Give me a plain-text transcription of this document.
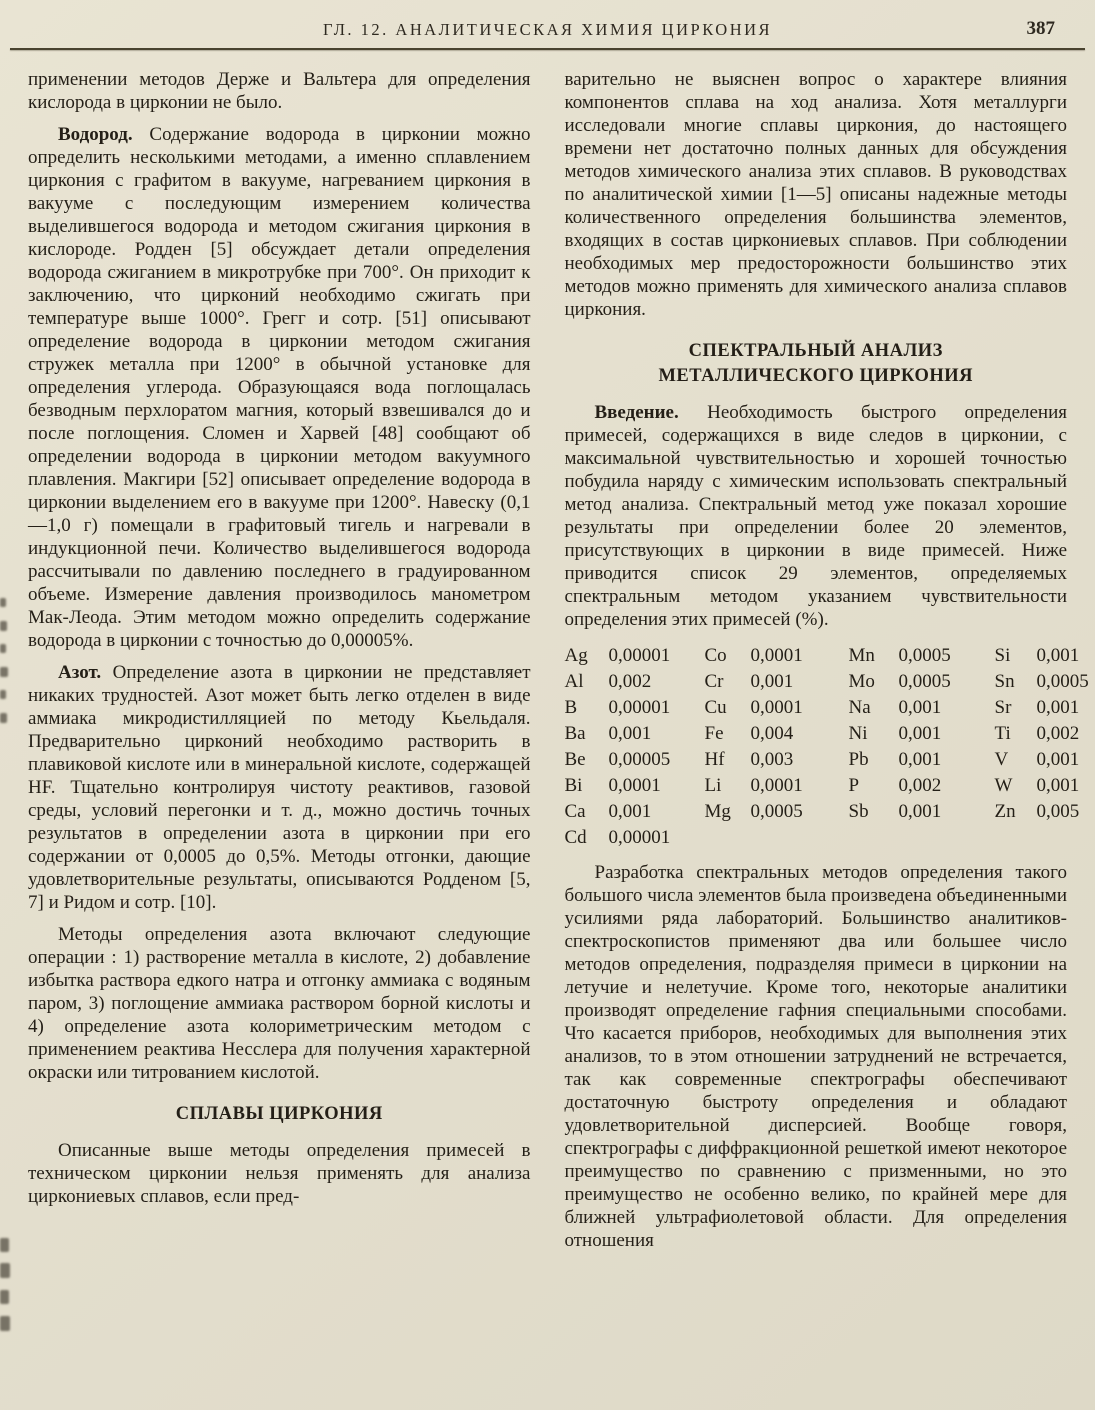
ГЛ. 12. АНАЛИТИЧЕСКАЯ ХИМИЯ ЦИРКОНИЯ	387

применении методов Держе и Вальтера для определения кислорода в цирконии не было.

Водород. Содержание водорода в цирконии можно определить несколькими методами, а именно сплавлением циркония с графитом в вакууме, нагреванием циркония в вакууме с последующим измерением количества выделившегося водорода и методом сжигания циркония в кислороде. Родден [5] обсуждает детали определения водорода сжиганием в микротрубке при 700°. Он приходит к заключению, что цирконий необходимо сжигать при температуре выше 1000°. Грегг и сотр. [51] описывают определение водорода в цирконии методом сжигания стружек металла при 1200° в обычной установке для определения углерода. Образующаяся вода поглощалась безводным перхлоратом магния, который взвешивался до и после поглощения. Сломен и Харвей [48] сообщают об определении водорода в цирконии методом вакуумного плавления. Макгири [52] описывает определение водорода в цирконии выделением его в вакууме при 1200°. Навеску (0,1—1,0 г) помещали в графитовый тигель и нагревали в индукционной печи. Количество выделившегося водорода рассчитывали по давлению последнего в градуированном объеме. Измерение давления производилось манометром Мак-Леода. Этим методом можно определить содержание водорода в цирконии с точностью до 0,00005%.

Азот. Определение азота в цирконии не представляет никаких трудностей. Азот может быть легко отделен в виде аммиака микродистилляцией по методу Кьельдаля. Предварительно цирконий необходимо растворить в плавиковой кислоте или в минеральной кислоте, содержащей HF. Тщательно контролируя чистоту реактивов, газовой среды, условий перегонки и т. д., можно достичь точных результатов в определении азота в цирконии при его содержании от 0,0005 до 0,5%. Методы отгонки, дающие удовлетворительные результаты, описываются Родденом [5, 7] и Ридом и сотр. [10].

Методы определения азота включают следующие операции : 1) растворение металла в кислоте, 2) добавление избытка раствора едкого натра и отгонку аммиака с водяным паром, 3) поглощение аммиака раствором борной кислоты и 4) определение азота колориметрическим методом с применением реактива Несслера для получения характерной окраски или титрованием кислотой.

СПЛАВЫ ЦИРКОНИЯ

Описанные выше методы определения примесей в техническом цирконии нельзя применять для анализа циркониевых сплавов, если пред-

варительно не выяснен вопрос о характере влияния компонентов сплава на ход анализа. Хотя металлурги исследовали многие сплавы циркония, до настоящего времени нет достаточно полных данных для обсуждения методов химического анализа этих сплавов. В руководствах по аналитической химии [1—5] описаны надежные методы количественного определения большинства элементов, входящих в состав циркониевых сплавов. При соблюдении необходимых мер предосторожности большинство этих методов можно применять для химического анализа сплавов циркония.

СПЕКТРАЛЬНЫЙ АНАЛИЗ
МЕТАЛЛИЧЕСКОГО ЦИРКОНИЯ

Введение. Необходимость быстрого определения примесей, содержащихся в виде следов в цирконии, с максимальной чувствительностью и хорошей точностью побудила наряду с химическим использовать спектральный метод анализа. Спектральный метод уже показал хорошие результаты при определении более 20 элементов, присутствующих в цирконии в виде примесей. Ниже приводится список 29 элементов, определяемых спектральным методом указанием чувствительности определения этих примесей (%).

Ag	0,00001	Co	0,0001	Mn	0,0005	Si	0,001
Al	0,002	Cr	0,001	Mo	0,0005	Sn	0,0005
B	0,00001	Cu	0,0001	Na	0,001	Sr	0,001
Ba	0,001	Fe	0,004	Ni	0,001	Ti	0,002
Be	0,00005	Hf	0,003	Pb	0,001	V	0,001
Bi	0,0001	Li	0,0001	P	0,002	W	0,001
Ca	0,001	Mg	0,0005	Sb	0,001	Zn	0,005
Cd	0,00001

Разработка спектральных методов определения такого большого числа элементов была произведена объединенными усилиями ряда лабораторий. Большинство аналитиков-спектроскопистов применяют два или большее число методов определения, подразделяя примеси в цирконии на летучие и нелетучие. Кроме того, некоторые аналитики производят определение гафния специальными способами. Что касается приборов, необходимых для выполнения этих анализов, то в этом отношении затруднений не встречается, так как современные спектрографы обеспечивают достаточную быстроту определения и обладают удовлетворительной дисперсией. Вообще говоря, спектрографы с диффракционной решеткой имеют некоторое преимущество по сравнению с призменными, но это преимущество не особенно велико, по крайней мере для ближней ультрафиолетовой области. Для определения отношения
